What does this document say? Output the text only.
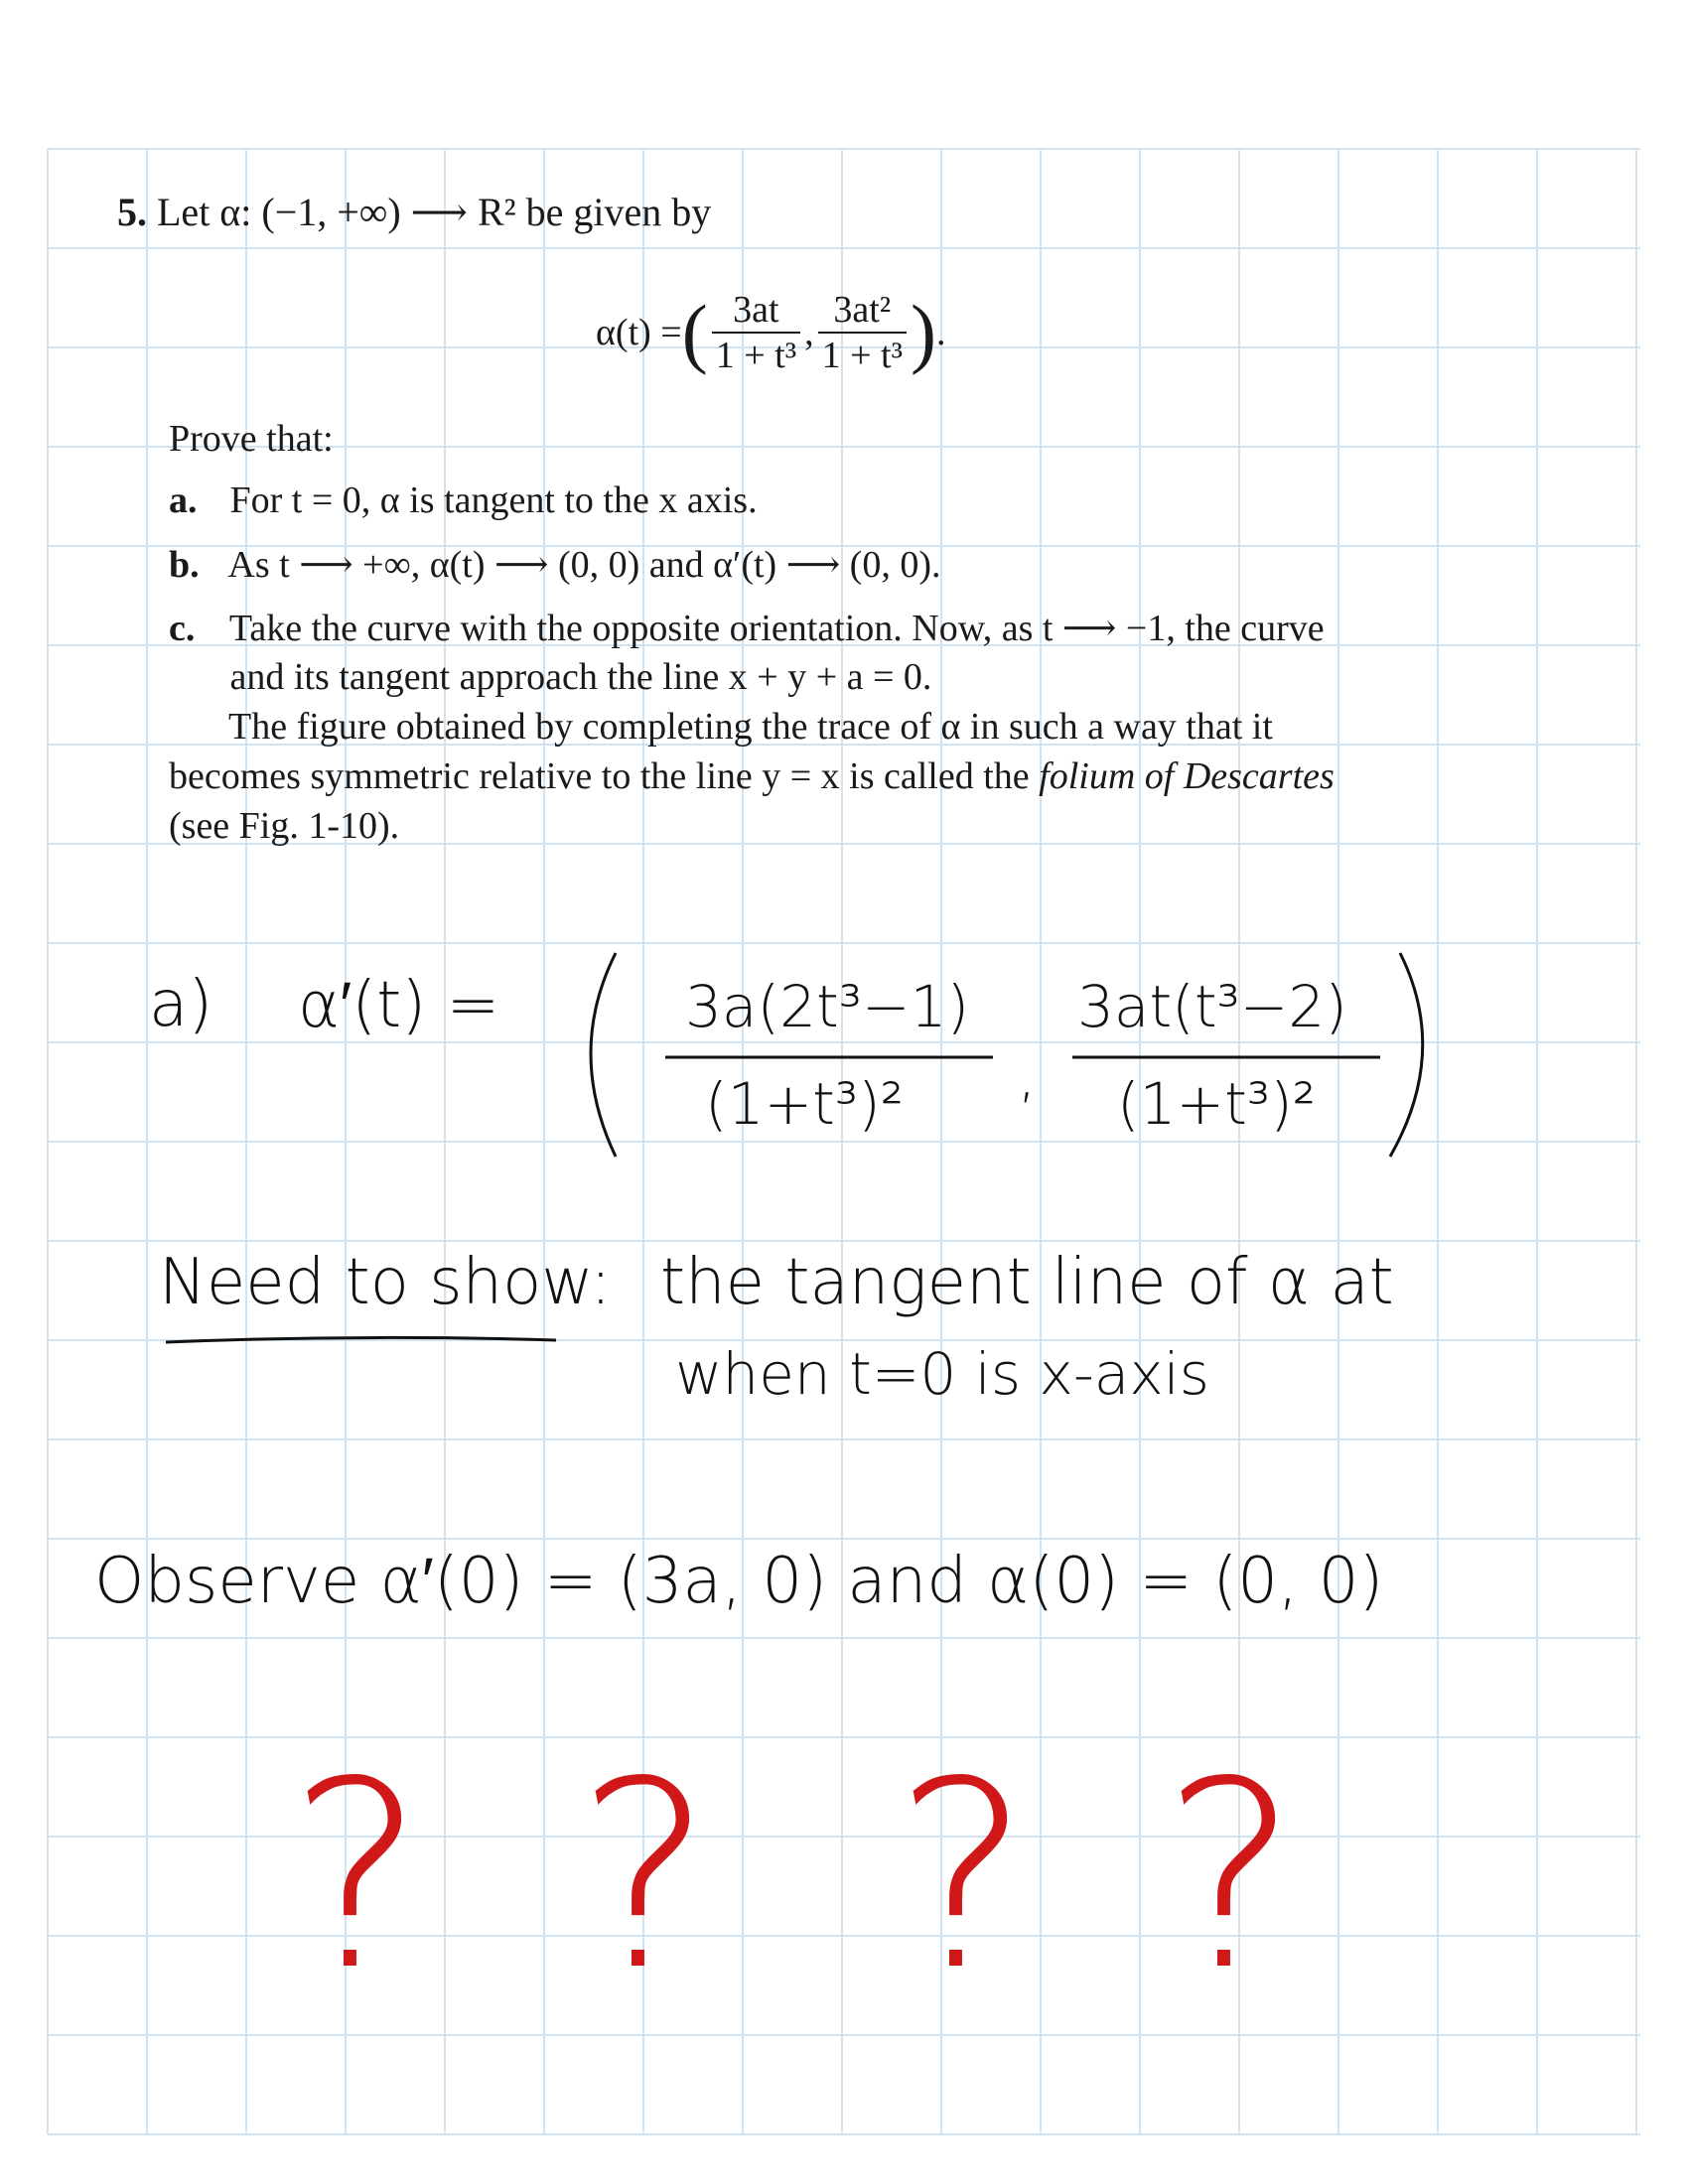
5. Let α: (−1, +∞) ⟶ R² be given by
α(t) = ( $\frac{3at}{\text{1 + t³}}$ , $\frac{\text{3at²}}{\text{1 + t³}}$ ) .
Prove that:
a. For t = 0, α is tangent to the x axis.
b. As t ⟶ +∞, α(t) ⟶ (0, 0) and α′(t) ⟶ (0, 0).
c. Take the curve with the opposite orientation. Now, as t ⟶ −1, the curve
and its tangent approach the line x + y + a = 0.
The figure obtained by completing the trace of α in such a way that it
becomes symmetric relative to the line y = x is called the folium of Descartes
(see Fig. 1-10).
a) α′(t) =	3a(2t³−1)
(1+t³)² ,
3at(t³−2)
(1+t³)²
Need to show: the tangent line of α at
when t=0 is x-axis
Observe α′(0) = (3a, 0) and α(0) = (0, 0)
? ? ? ?
